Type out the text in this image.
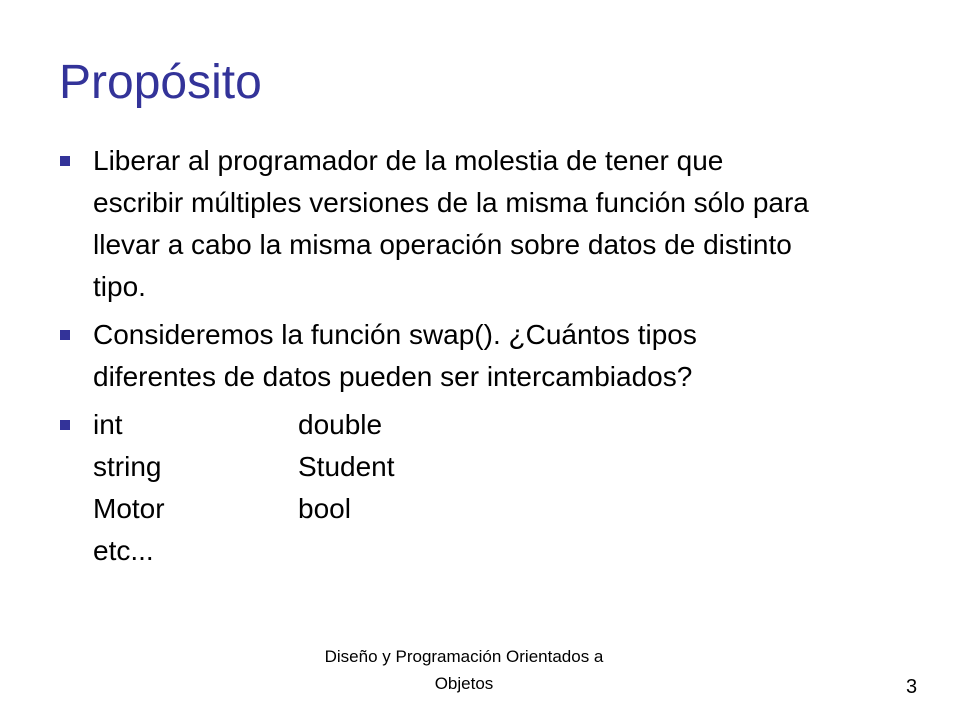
Propósito
Liberar al programador de la molestia de tener que
escribir múltiples versiones de la misma función sólo para
llevar a cabo la misma operación sobre datos de distinto
tipo.
Consideremos la función swap(). ¿Cuántos tipos
diferentes de datos pueden ser intercambiados?
int	double
string	Student
Motor	bool
etc...
Diseño y Programación Orientados a
Objetos	3
